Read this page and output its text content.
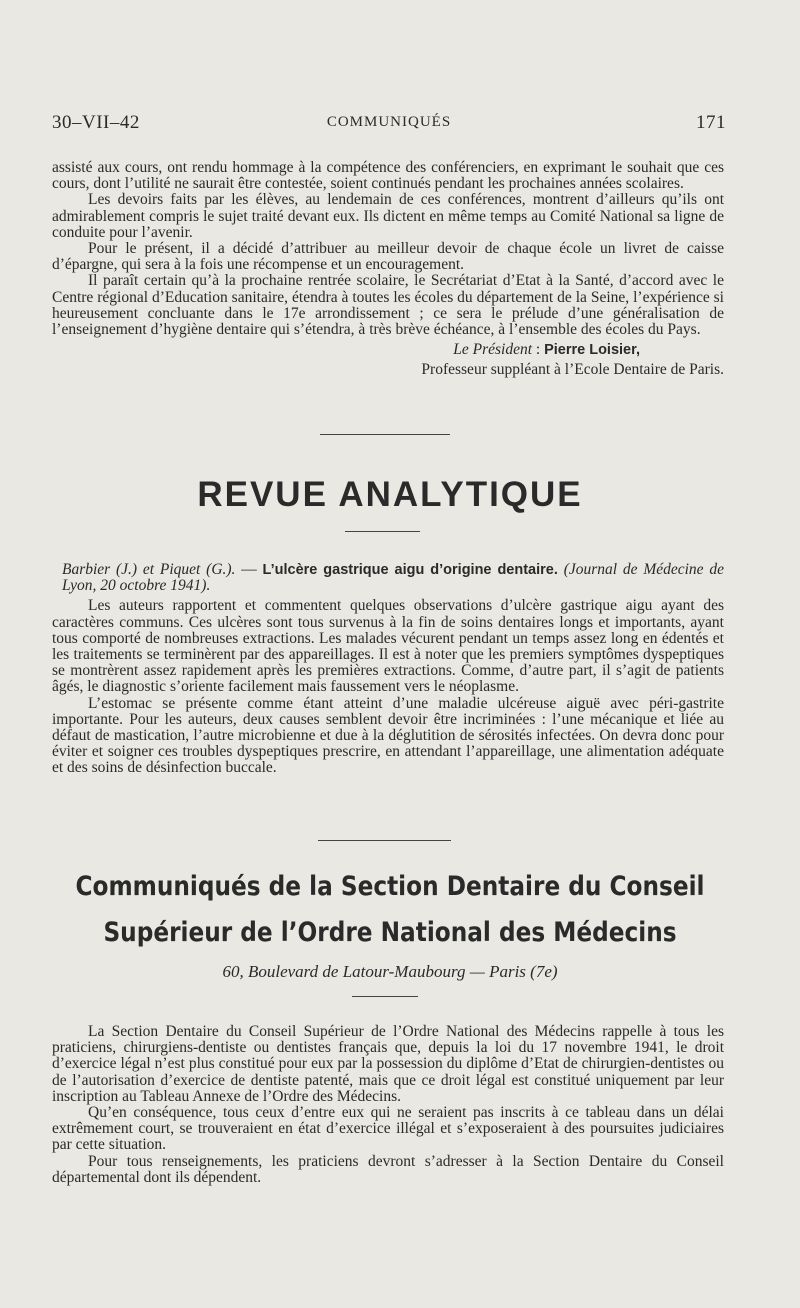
30–VII–42	COMMUNIQUÉS	171

assisté aux cours, ont rendu hommage à la compétence des conférenciers, en exprimant le souhait que ces cours, dont l’utilité ne saurait être contestée, soient continués pendant les prochaines années scolaires.

Les devoirs faits par les élèves, au lendemain de ces conférences, montrent d’ailleurs qu’ils ont admirablement compris le sujet traité devant eux. Ils dictent en même temps au Comité National sa ligne de conduite pour l’avenir.

Pour le présent, il a décidé d’attribuer au meilleur devoir de chaque école un livret de caisse d’épargne, qui sera à la fois une récompense et un encouragement.

Il paraît certain qu’à la prochaine rentrée scolaire, le Secrétariat d’Etat à la Santé, d’accord avec le Centre régional d’Education sanitaire, étendra à toutes les écoles du département de la Seine, l’expérience si heureusement concluante dans le 17e arrondissement ; ce sera le prélude d’une généralisation de l’enseignement d’hygiène dentaire qui s’étendra, à très brève échéance, à l’ensemble des écoles du Pays.

Le Président : Pierre Loisier,
Professeur suppléant à l’Ecole Dentaire de Paris.
REVUE ANALYTIQUE

Barbier (J.) et Piquet (G.). — L’ulcère gastrique aigu d’origine dentaire. (Journal de Médecine de Lyon, 20 octobre 1941).

Les auteurs rapportent et commentent quelques observations d’ulcère gastrique aigu ayant des caractères communs. Ces ulcères sont tous survenus à la fin de soins dentaires longs et importants, ayant tous comporté de nombreuses extractions. Les malades vécurent pendant un temps assez long en édentés et les traitements se terminèrent par des appareillages. Il est à noter que les premiers symptômes dyspeptiques se montrèrent assez rapidement après les premières extractions. Comme, d’autre part, il s’agit de patients âgés, le diagnostic s’oriente facilement mais faussement vers le néoplasme.

L’estomac se présente comme étant atteint d’une maladie ulcéreuse aiguë avec péri-gastrite importante. Pour les auteurs, deux causes semblent devoir être incriminées : l’une mécanique et liée au défaut de mastication, l’autre microbienne et due à la déglutition de sérosités infectées. On devra donc pour éviter et soigner ces troubles dyspeptiques prescrire, en attendant l’appareillage, une alimentation adéquate et des soins de désinfection buccale.

Communiqués de la Section Dentaire du Conseil
Supérieur de l’Ordre National des Médecins
60, Boulevard de Latour-Maubourg — Paris (7e)

La Section Dentaire du Conseil Supérieur de l’Ordre National des Médecins rappelle à tous les praticiens, chirurgiens-dentiste ou dentistes français que, depuis la loi du 17 novembre 1941, le droit d’exercice légal n’est plus constitué pour eux par la possession du diplôme d’Etat de chirurgien-dentistes ou de l’autorisation d’exercice de dentiste patenté, mais que ce droit légal est constitué uniquement par leur inscription au Tableau Annexe de l’Ordre des Médecins.

Qu’en conséquence, tous ceux d’entre eux qui ne seraient pas inscrits à ce tableau dans un délai extrêmement court, se trouveraient en état d’exercice illégal et s’exposeraient à des poursuites judiciaires par cette situation.

Pour tous renseignements, les praticiens devront s’adresser à la Section Dentaire du Conseil départemental dont ils dépendent.
